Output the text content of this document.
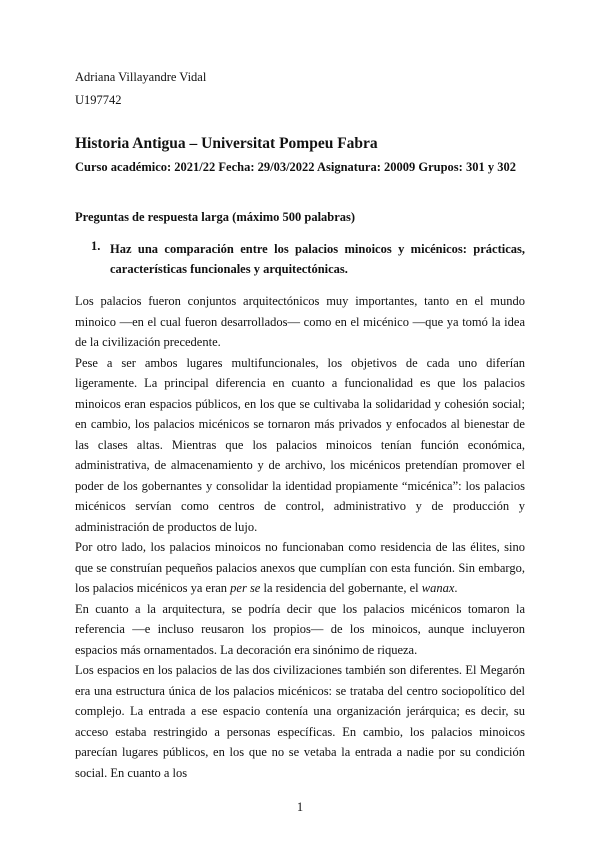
Adriana Villayandre Vidal
U197742
Historia Antigua – Universitat Pompeu Fabra
Curso académico: 2021/22 Fecha: 29/03/2022 Asignatura: 20009 Grupos: 301 y 302
Preguntas de respuesta larga (máximo 500 palabras)
1. Haz una comparación entre los palacios minoicos y micénicos: prácticas, características funcionales y arquitectónicas.

Los palacios fueron conjuntos arquitectónicos muy importantes, tanto en el mundo minoico —en el cual fueron desarrollados— como en el micénico —que ya tomó la idea de la civilización precedente.

Pese a ser ambos lugares multifuncionales, los objetivos de cada uno diferían ligeramente. La principal diferencia en cuanto a funcionalidad es que los palacios minoicos eran espacios públicos, en los que se cultivaba la solidaridad y cohesión social; en cambio, los palacios micénicos se tornaron más privados y enfocados al bienestar de las clases altas. Mientras que los palacios minoicos tenían función económica, administrativa, de almacenamiento y de archivo, los micénicos pretendían promover el poder de los gobernantes y consolidar la identidad propiamente “micénica”: los palacios micénicos servían como centros de control, administrativo y de producción y administración de productos de lujo.

Por otro lado, los palacios minoicos no funcionaban como residencia de las élites, sino que se construían pequeños palacios anexos que cumplían con esta función. Sin embargo, los palacios micénicos ya eran per se la residencia del gobernante, el wanax.

En cuanto a la arquitectura, se podría decir que los palacios micénicos tomaron la referencia —e incluso reusaron los propios— de los minoicos, aunque incluyeron espacios más ornamentados. La decoración era sinónimo de riqueza.

Los espacios en los palacios de las dos civilizaciones también son diferentes. El Megarón era una estructura única de los palacios micénicos: se trataba del centro sociopolítico del complejo. La entrada a ese espacio contenía una organización jerárquica; es decir, su acceso estaba restringido a personas específicas. En cambio, los palacios minoicos parecían lugares públicos, en los que no se vetaba la entrada a nadie por su condición social. En cuanto a los

1
